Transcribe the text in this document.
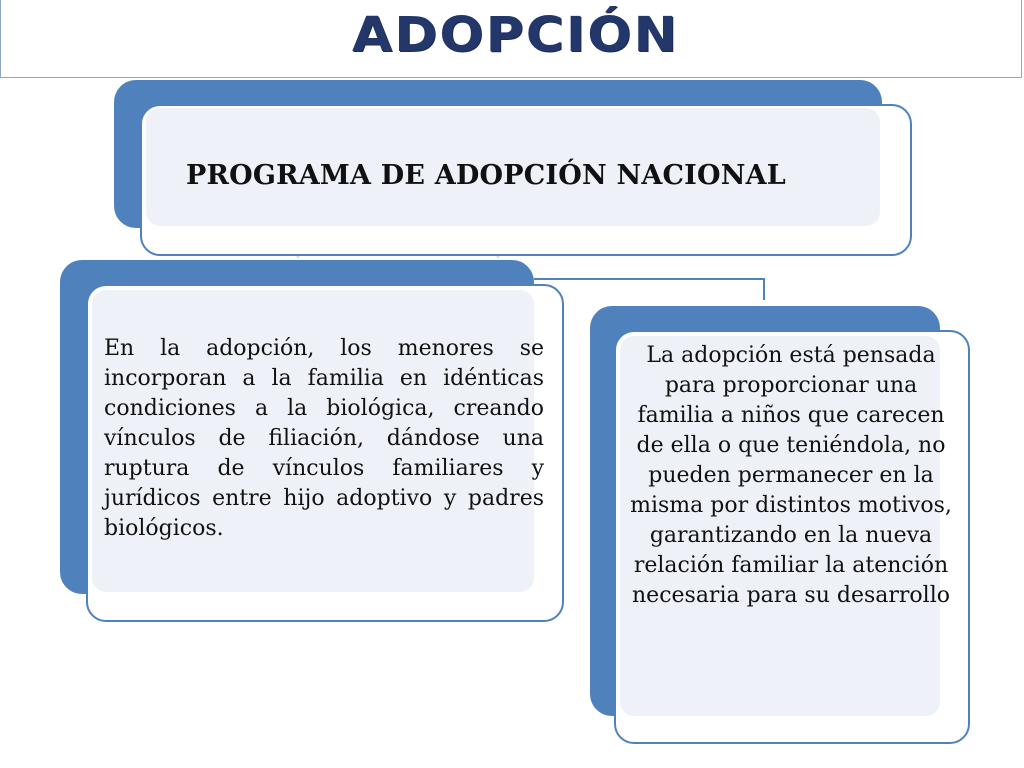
ADOPCIÓN
PROGRAMA DE ADOPCIÓN NACIONAL
En la adopción, los menores se incorporan a la familia en idénticas condiciones a la biológica, creando vínculos de filiación, dándose una ruptura de vínculos familiares y jurídicos entre hijo adoptivo y padres biológicos.
La adopción está pensada para proporcionar una familia a niños que carecen de ella o que teniéndola, no pueden permanecer en la misma por distintos motivos, garantizando en la nueva relación familiar la atención necesaria para su desarrollo
